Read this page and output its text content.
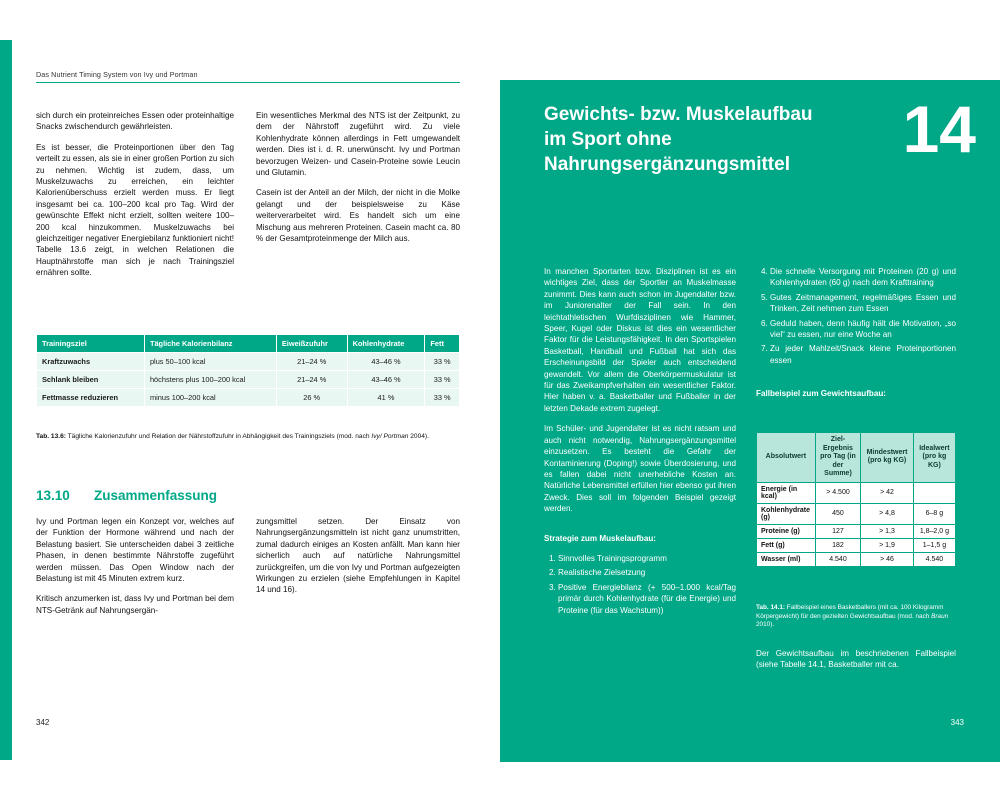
Das Nutrient Timing System von Ivy und Portman

sich durch ein proteinreiches Essen oder proteinhaltige Snacks zwischendurch gewährleisten.

Es ist besser, die Proteinportionen über den Tag verteilt zu essen, als sie in einer großen Portion zu sich zu nehmen. Wichtig ist zudem, dass, um Muskelzuwachs zu erreichen, ein leichter Kalorienüberschuss erzielt werden muss. Er liegt insgesamt bei ca. 100–200 kcal pro Tag. Wird der gewünschte Effekt nicht erzielt, sollten weitere 100–200 kcal hinzukommen. Muskelzuwachs bei gleichzeitiger negativer Energiebilanz funktioniert nicht! Tabelle 13.6 zeigt, in welchen Relationen die Hauptnährstoffe man sich je nach Trainingsziel ernähren sollte.

Ein wesentliches Merkmal des NTS ist der Zeitpunkt, zu dem der Nährstoff zugeführt wird. Zu viele Kohlenhydrate können allerdings in Fett umgewandelt werden. Dies ist i. d. R. unerwünscht. Ivy und Portman bevorzugen Weizen- und Casein-Proteine sowie Leucin und Glutamin.

Casein ist der Anteil an der Milch, der nicht in die Molke gelangt und der beispielsweise zu Käse weiterverarbeitet wird. Es handelt sich um eine Mischung aus mehreren Proteinen. Casein macht ca. 80 % der Gesamtproteinmenge der Milch aus.

Trainingsziel	Tägliche Kalorienbilanz	Eiweißzufuhr	Kohlenhydrate	Fett
Kraftzuwachs	plus 50–100 kcal	21–24 %	43–46 %	33 %
Schlank bleiben	höchstens plus 100–200 kcal	21–24 %	43–46 %	33 %
Fettmasse reduzieren	minus 100–200 kcal	26 %	41 %	33 %
Tab. 13.6: Tägliche Kalorienzufuhr und Relation der Nährstoffzufuhr in Abhängigkeit des Trainingsziels (mod. nach Ivy/ Portman 2004).
13.10 Zusammenfassung

Ivy und Portman legen ein Konzept vor, welches auf der Funktion der Hormone während und nach der Belastung basiert. Sie unterscheiden dabei 3 zeitliche Phasen, in denen bestimmte Nährstoffe zugeführt werden müssen. Das Open Window nach der Belastung ist mit 45 Minuten extrem kurz.

Kritisch anzumerken ist, dass Ivy und Portman bei dem NTS-Getränk auf Nahrungsergän-

zungsmittel setzen. Der Einsatz von Nahrungsergänzungsmitteln ist nicht ganz unumstritten, zumal dadurch einiges an Kosten anfällt. Man kann hier sicherlich auch auf natürliche Nahrungsmittel zurückgreifen, um die von Ivy und Portman aufgezeigten Wirkungen zu erzielen (siehe Empfehlungen in Kapitel 14 und 16).

342
Gewichts- bzw. Muskelaufbau im Sport ohne Nahrungsergänzungsmittel	14

In manchen Sportarten bzw. Disziplinen ist es ein wichtiges Ziel, dass der Sportler an Muskelmasse zunimmt. Dies kann auch schon im Jugendalter bzw. im Juniorenalter der Fall sein. In den leichtathletischen Wurfdisziplinen wie Hammer, Speer, Kugel oder Diskus ist dies ein wesentlicher Faktor für die Leistungsfähigkeit. In den Sportspielen Basketball, Handball und Fußball hat sich das Erscheinungsbild der Spieler auch entscheidend gewandelt. Vor allem die Oberkörpermuskulatur ist für das Zweikampfverhalten ein wesentlicher Faktor. Hier haben v. a. Basketballer und Fußballer in der letzten Dekade extrem zugelegt.

Im Schüler- und Jugendalter ist es nicht ratsam und auch nicht notwendig, Nahrungsergänzungsmittel einzusetzen. Es besteht die Gefahr der Kontaminierung (Doping!) sowie Überdosierung, und es fallen dabei nicht unerhebliche Kosten an. Natürliche Lebensmittel erfüllen hier ebenso gut ihren Zweck. Dies soll im folgenden Beispiel gezeigt werden.

Strategie zum Muskelaufbau:

1. Sinnvolles Trainingsprogramm
2. Realistische Zielsetzung
3. Positive Energiebilanz (+ 500–1.000 kcal/Tag primär durch Kohlenhydrate (für die Energie) und Proteine (für das Wachstum))
4. Die schnelle Versorgung mit Proteinen (20 g) und Kohlenhydraten (60 g) nach dem Krafttraining
5. Gutes Zeitmanagement, regelmäßiges Essen und Trinken, Zeit nehmen zum Essen
6. Geduld haben, denn häufig hält die Motivation, „so viel“ zu essen, nur eine Woche an
7. Zu jeder Mahlzeit/Snack kleine Proteinportionen essen

Fallbeispiel zum Gewichtsaufbau:

Absolutwert	Ziel-Ergebnis pro Tag (in der Summe)	Mindestwert (pro kg KG)	Idealwert (pro kg KG)
Energie (in kcal)	> 4.500	> 42	
Kohlenhydrate (g)	450	> 4,8	6–8 g
Proteine (g)	127	> 1,3	1,8–2,0 g
Fett (g)	182	> 1,9	1–1,5 g
Wasser (ml)	4.540	> 46	4.540
Tab. 14.1: Fallbeispiel eines Basketballers (mit ca. 100 Kilogramm Körpergewicht) für den gezielten Gewichtsaufbau (mod. nach Braun 2010).

Der Gewichtsaufbau im beschriebenen Fallbeispiel (siehe Tabelle 14.1, Basketballer mit ca.

343
